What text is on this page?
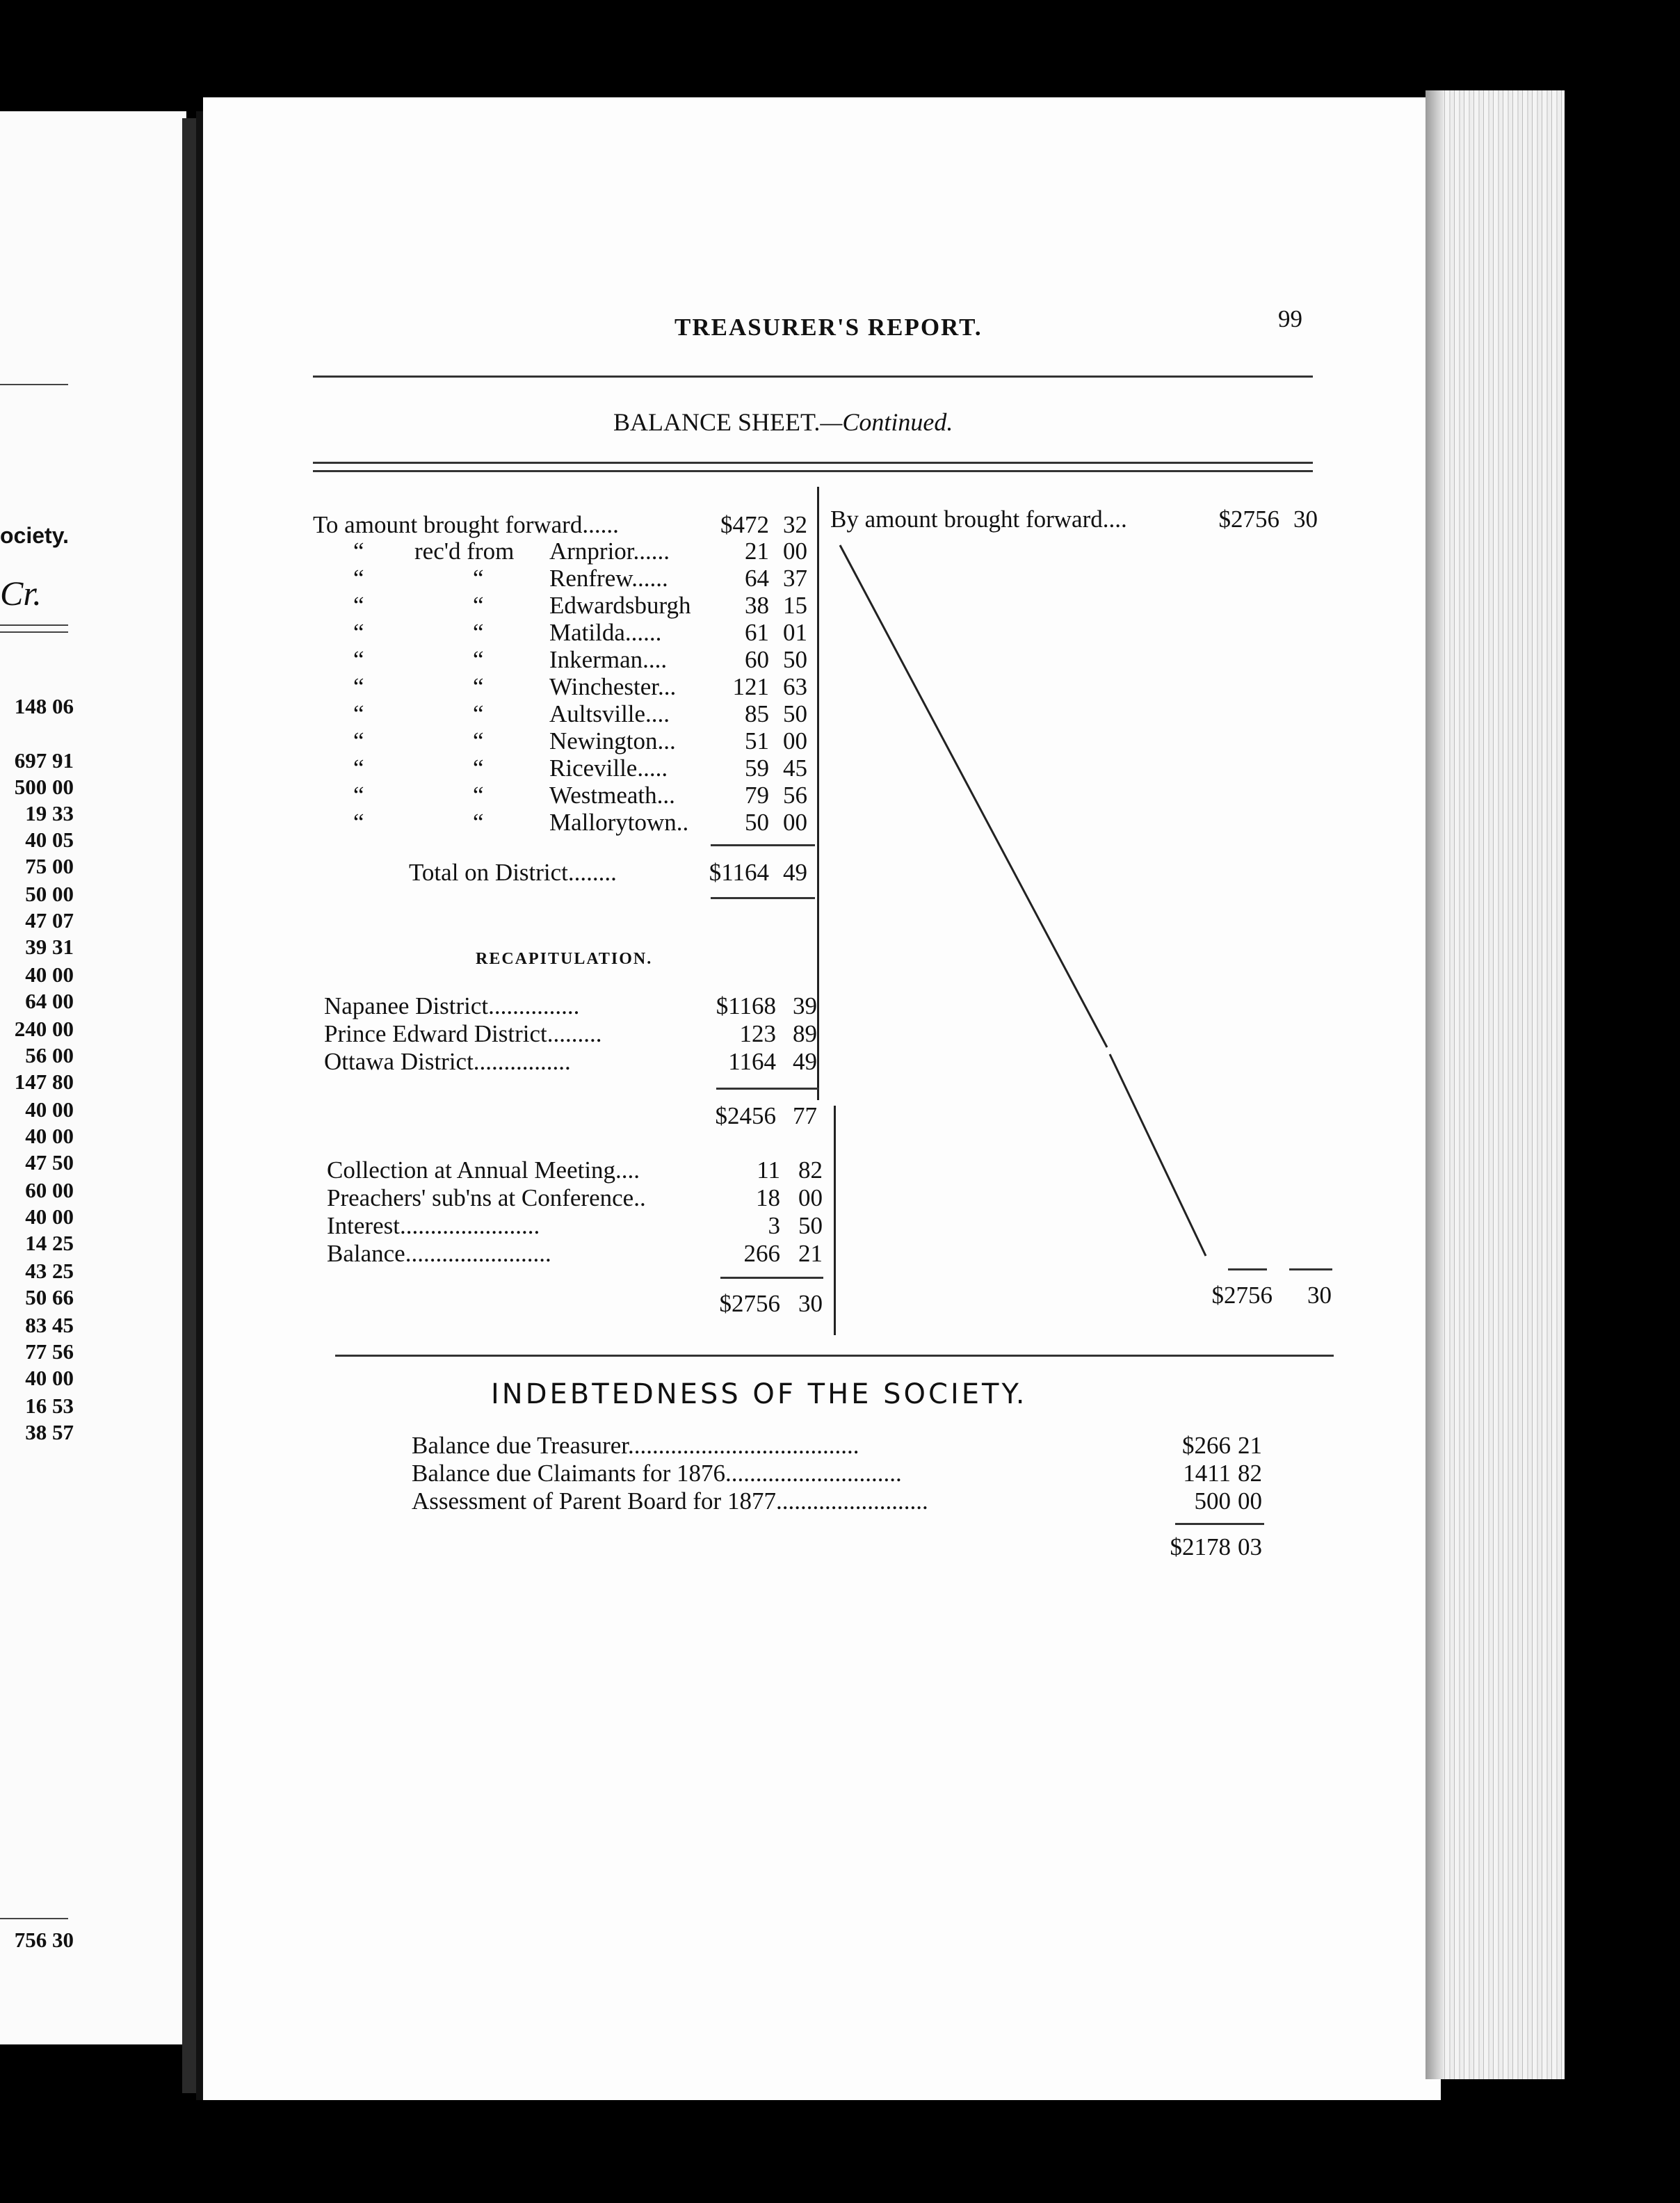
ociety.
Cr.
148 06
697 91
500 00
19 33
40 05
75 00
50 00
47 07
39 31
40 00
64 00
240 00
56 00
147 80
40 00
40 00
47 50
60 00
40 00
14 25
43 25
50 66
83 45
77 56
40 00
16 53
38 57
756 30
TREASURER'S REPORT.	99
BALANCE SHEET.—Continued.
To amount brought forward......	$472 32
“ rec'd from Arnprior......	21 00
“	“	Renfrew......	64 37
“	“	Edwardsburgh	38 15
“	“	Matilda......	61 01
“	“	Inkerman....	60 50
“	“	Winchester...	121 63
“	“	Aultsville....	85 50
“	“	Newington...	51 00
“	“	Riceville.....	59 45
“	“	Westmeath...	79 56
“	“	Mallorytown..	50 00
Total on District........	$1164 49
RECAPITULATION.
Napanee District...............	$1168 39
Prince Edward District.........	123 89
Ottawa District................	1164 49
$2456 77
Collection at Annual Meeting....	11 82
Preachers' sub'ns at Conference..	18 00
Interest.......................	3 50
Balance........................	266 21
$2756 30
By amount brought forward....	$2756 30
$2756 30
INDEBTEDNESS OF THE SOCIETY.
Balance due Treasurer......................................	$266 21
Balance due Claimants for 1876.............................	1411 82
Assessment of Parent Board for 1877.........................	500 00
$2178 03
